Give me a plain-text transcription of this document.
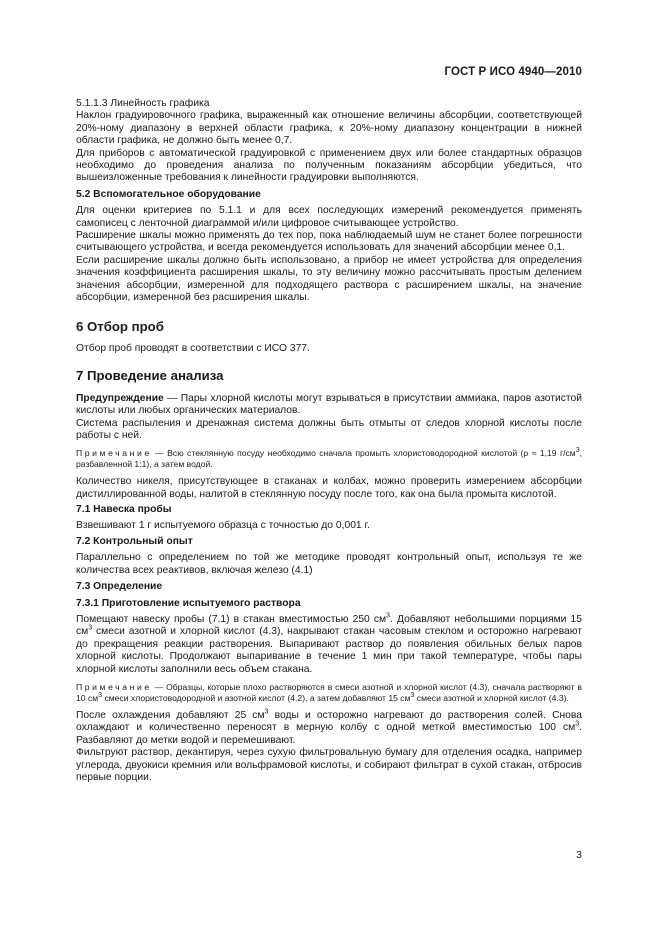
ГОСТ Р ИСО 4940—2010

5.1.1.3 Линейность графика

Наклон градуировочного графика, выраженный как отношение величины абсорбции, соответствующей 20%-ному диапазону в верхней области графика, к 20%-ному диапазону концентрации в нижней области графика, не должно быть менее 0,7.

Для приборов с автоматической градуировкой с применением двух или более стандартных образцов необходимо до проведения анализа по полученным показаниям абсорбции убедиться, что вышеизложенные требования к линейности градуировки выполняются.

5.2 Вспомогательное оборудование

Для оценки критериев по 5.1.1 и для всех последующих измерений рекомендуется применять самописец с ленточной диаграммой и/или цифровое считывающее устройство.

Расширение шкалы можно применять до тех пор, пока наблюдаемый шум не станет более погрешности считывающего устройства, и всегда рекомендуется использовать для значений абсорбции менее 0,1.

Если расширение шкалы должно быть использовано, а прибор не имеет устройства для определения значения коэффициента расширения шкалы, то эту величину можно рассчитывать простым делением значения абсорбции, измеренной для подходящего раствора с расширением шкалы, на значение абсорбции, измеренной без расширения шкалы.

6 Отбор проб

Отбор проб проводят в соответствии с ИСО 377.

7 Проведение анализа

Предупреждение — Пары хлорной кислоты могут взрываться в присутствии аммиака, паров азотистой кислоты или любых органических материалов.

Система распыления и дренажная система должны быть отмыты от следов хлорной кислоты после работы с ней.

Примечание — Всю стеклянную посуду необходимо сначала промыть хлористоводородной кислотой (ρ ≈ 1,19 $г/см^3$, разбавленной 1:1), а затем водой.

Количество никеля, присутствующее в стаканах и колбах, можно проверить измерением абсорбции дистиллированной воды, налитой в стеклянную посуду после того, как она была промыта кислотой.

7.1 Навеска пробы

Взвешивают 1 г испытуемого образца с точностью до 0,001 г.

7.2 Контрольный опыт

Параллельно с определением по той же методике проводят контрольный опыт, используя те же количества всех реактивов, включая железо (4.1)

7.3 Определение

7.3.1 Приготовление испытуемого раствора

Помещают навеску пробы (7.1) в стакан вместимостью 250 $см^3$. Добавляют небольшими порциями 15 $см^3$ смеси азотной и хлорной кислот (4.3), накрывают стакан часовым стеклом и осторожно нагревают до прекращения реакции растворения. Выпаривают раствор до появления обильных белых паров хлорной кислоты. Продолжают выпаривание в течение 1 мин при такой температуре, чтобы пары хлорной кислоты заполнили весь объем стакана.

Примечание — Образцы, которые плохо растворяются в смеси азотной и хлорной кислот (4.3), сначала растворяют в 10 $см^3$ смеси хлористоводородной и азотной кислот (4.2), а затем добавляют 15 $см^3$ смеси азотной и хлорной кислот (4.3).

После охлаждения добавляют 25 $см^3$ воды и осторожно нагревают до растворения солей. Снова охлаждают и количественно переносят в мерную колбу с одной меткой вместимостью 100 $см^3$. Разбавляют до метки водой и перемешивают.

Фильтруют раствор, декантируя, через сухую фильтровальную бумагу для отделения осадка, например углерода, двуокиси кремния или вольфрамовой кислоты, и собирают фильтрат в сухой стакан, отбросив первые порции.

3
